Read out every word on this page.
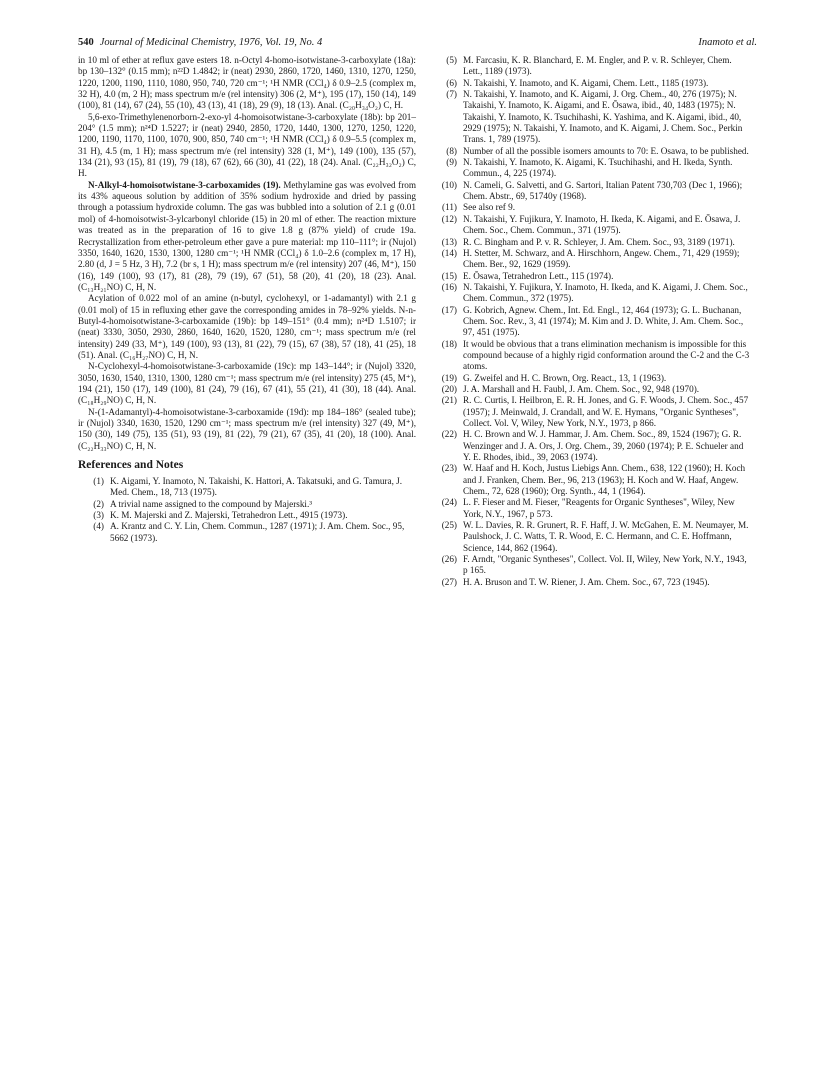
540 Journal of Medicinal Chemistry, 1976, Vol. 19, No. 4	Inamoto et al.

in 10 ml of ether at reflux gave esters 18. n-Octyl 4-homo-isotwistane-3-carboxylate (18a): bp 130–132° (0.15 mm); n²²D 1.4842; ir (neat) 2930, 2860, 1720, 1460, 1310, 1270, 1250, 1220, 1200, 1190, 1110, 1080, 950, 740, 720 cm⁻¹; ¹H NMR (CCl₄) δ 0.9–2.5 (complex m, 32 H), 4.0 (m, 2 H); mass spectrum m/e (rel intensity) 306 (2, M⁺), 195 (17), 150 (14), 149 (100), 81 (14), 67 (24), 55 (10), 43 (13), 41 (18), 29 (9), 18 (13). Anal. (C₂₀H₃₄O₂) C, H.

5,6-exo-Trimethylenenorborn-2-exo-yl 4-homoisotwistane-3-carboxylate (18b): bp 201–204° (1.5 mm); n²⁴D 1.5227; ir (neat) 2940, 2850, 1720, 1440, 1300, 1270, 1250, 1220, 1200, 1190, 1170, 1100, 1070, 900, 850, 740 cm⁻¹; ¹H NMR (CCl₄) δ 0.9–5.5 (complex m, 31 H), 4.5 (m, 1 H); mass spectrum m/e (rel intensity) 328 (1, M⁺), 149 (100), 135 (57), 134 (21), 93 (15), 81 (19), 79 (18), 67 (62), 66 (30), 41 (22), 18 (24). Anal. (C₂₂H₃₂O₂) C, H.

N-Alkyl-4-homoisotwistane-3-carboxamides (19). Methylamine gas was evolved from its 43% aqueous solution by addition of 35% sodium hydroxide and dried by passing through a potassium hydroxide column. The gas was bubbled into a solution of 2.1 g (0.01 mol) of 4-homoisotwist-3-ylcarbonyl chloride (15) in 20 ml of ether. The reaction mixture was treated as in the preparation of 16 to give 1.8 g (87% yield) of crude 19a. Recrystallization from ether-petroleum ether gave a pure material: mp 110–111°; ir (Nujol) 3350, 1640, 1620, 1530, 1300, 1280 cm⁻¹; ¹H NMR (CCl₄) δ 1.0–2.6 (complex m, 17 H), 2.80 (d, J = 5 Hz, 3 H), 7.2 (br s, 1 H); mass spectrum m/e (rel intensity) 207 (46, M⁺), 150 (16), 149 (100), 93 (17), 81 (28), 79 (19), 67 (51), 58 (20), 41 (20), 18 (23). Anal. (C₁₃H₂₁NO) C, H, N.

Acylation of 0.022 mol of an amine (n-butyl, cyclohexyl, or 1-adamantyl) with 2.1 g (0.01 mol) of 15 in refluxing ether gave the corresponding amides in 78–92% yields. N-n-Butyl-4-homoisotwistane-3-carboxamide (19b): bp 149–151° (0.4 mm); n²⁴D 1.5107; ir (neat) 3330, 3050, 2930, 2860, 1640, 1620, 1520, 1280, cm⁻¹; mass spectrum m/e (rel intensity) 249 (33, M⁺), 149 (100), 93 (13), 81 (22), 79 (15), 67 (38), 57 (18), 41 (25), 18 (51). Anal. (C₁₆H₂₇NO) C, H, N.

N-Cyclohexyl-4-homoisotwistane-3-carboxamide (19c): mp 143–144°; ir (Nujol) 3320, 3050, 1630, 1540, 1310, 1300, 1280 cm⁻¹; mass spectrum m/e (rel intensity) 275 (45, M⁺), 194 (21), 150 (17), 149 (100), 81 (24), 79 (16), 67 (41), 55 (21), 41 (30), 18 (44). Anal. (C₁₈H₂₉NO) C, H, N.

N-(1-Adamantyl)-4-homoisotwistane-3-carboxamide (19d): mp 184–186° (sealed tube); ir (Nujol) 3340, 1630, 1520, 1290 cm⁻¹; mass spectrum m/e (rel intensity) 327 (49, M⁺), 150 (30), 149 (75), 135 (51), 93 (19), 81 (22), 79 (21), 67 (35), 41 (20), 18 (100). Anal. (C₂₂H₃₃NO) C, H, N.

References and Notes

(1) K. Aigami, Y. Inamoto, N. Takaishi, K. Hattori, A. Takatsuki, and G. Tamura, J. Med. Chem., 18, 713 (1975).

(2) A trivial name assigned to the compound by Majerski.³

(3) K. M. Majerski and Z. Majerski, Tetrahedron Lett., 4915 (1973).

(4) A. Krantz and C. Y. Lin, Chem. Commun., 1287 (1971); J. Am. Chem. Soc., 95, 5662 (1973).

(5) M. Farcasiu, K. R. Blanchard, E. M. Engler, and P. v. R. Schleyer, Chem. Lett., 1189 (1973).

(6) N. Takaishi, Y. Inamoto, and K. Aigami, Chem. Lett., 1185 (1973).

(7) N. Takaishi, Y. Inamoto, and K. Aigami, J. Org. Chem., 40, 276 (1975); N. Takaishi, Y. Inamoto, K. Aigami, and E. Ōsawa, ibid., 40, 1483 (1975); N. Takaishi, Y. Inamoto, K. Tsuchihashi, K. Yashima, and K. Aigami, ibid., 40, 2929 (1975); N. Takaishi, Y. Inamoto, and K. Aigami, J. Chem. Soc., Perkin Trans. 1, 789 (1975).

(8) Number of all the possible isomers amounts to 70: E. Osawa, to be published.

(9) N. Takaishi, Y. Inamoto, K. Aigami, K. Tsuchihashi, and H. Ikeda, Synth. Commun., 4, 225 (1974).

(10) N. Cameli, G. Salvetti, and G. Sartori, Italian Patent 730,703 (Dec 1, 1966); Chem. Abstr., 69, 51740y (1968).

(11) See also ref 9.

(12) N. Takaishi, Y. Fujikura, Y. Inamoto, H. Ikeda, K. Aigami, and E. Ōsawa, J. Chem. Soc., Chem. Commun., 371 (1975).

(13) R. C. Bingham and P. v. R. Schleyer, J. Am. Chem. Soc., 93, 3189 (1971).

(14) H. Stetter, M. Schwarz, and A. Hirschhorn, Angew. Chem., 71, 429 (1959); Chem. Ber., 92, 1629 (1959).

(15) E. Ōsawa, Tetrahedron Lett., 115 (1974).

(16) N. Takaishi, Y. Fujikura, Y. Inamoto, H. Ikeda, and K. Aigami, J. Chem. Soc., Chem. Commun., 372 (1975).

(17) G. Kobrich, Agnew. Chem., Int. Ed. Engl., 12, 464 (1973); G. L. Buchanan, Chem. Soc. Rev., 3, 41 (1974); M. Kim and J. D. White, J. Am. Chem. Soc., 97, 451 (1975).

(18) It would be obvious that a trans elimination mechanism is impossible for this compound because of a highly rigid conformation around the C-2 and the C-3 atoms.

(19) G. Zweifel and H. C. Brown, Org. React., 13, 1 (1963).

(20) J. A. Marshall and H. Faubl, J. Am. Chem. Soc., 92, 948 (1970).

(21) R. C. Curtis, I. Heilbron, E. R. H. Jones, and G. F. Woods, J. Chem. Soc., 457 (1957); J. Meinwald, J. Crandall, and W. E. Hymans, "Organic Syntheses", Collect. Vol. V, Wiley, New York, N.Y., 1973, p 866.

(22) H. C. Brown and W. J. Hammar, J. Am. Chem. Soc., 89, 1524 (1967); G. R. Wenzinger and J. A. Ors, J. Org. Chem., 39, 2060 (1974); P. E. Schueler and Y. E. Rhodes, ibid., 39, 2063 (1974).

(23) W. Haaf and H. Koch, Justus Liebigs Ann. Chem., 638, 122 (1960); H. Koch and J. Franken, Chem. Ber., 96, 213 (1963); H. Koch and W. Haaf, Angew. Chem., 72, 628 (1960); Org. Synth., 44, 1 (1964).

(24) L. F. Fieser and M. Fieser, "Reagents for Organic Syntheses", Wiley, New York, N.Y., 1967, p 573.

(25) W. L. Davies, R. R. Grunert, R. F. Haff, J. W. McGahen, E. M. Neumayer, M. Paulshock, J. C. Watts, T. R. Wood, E. C. Hermann, and C. E. Hoffmann, Science, 144, 862 (1964).

(26) F. Arndt, "Organic Syntheses", Collect. Vol. II, Wiley, New York, N.Y., 1943, p 165.

(27) H. A. Bruson and T. W. Riener, J. Am. Chem. Soc., 67, 723 (1945).
